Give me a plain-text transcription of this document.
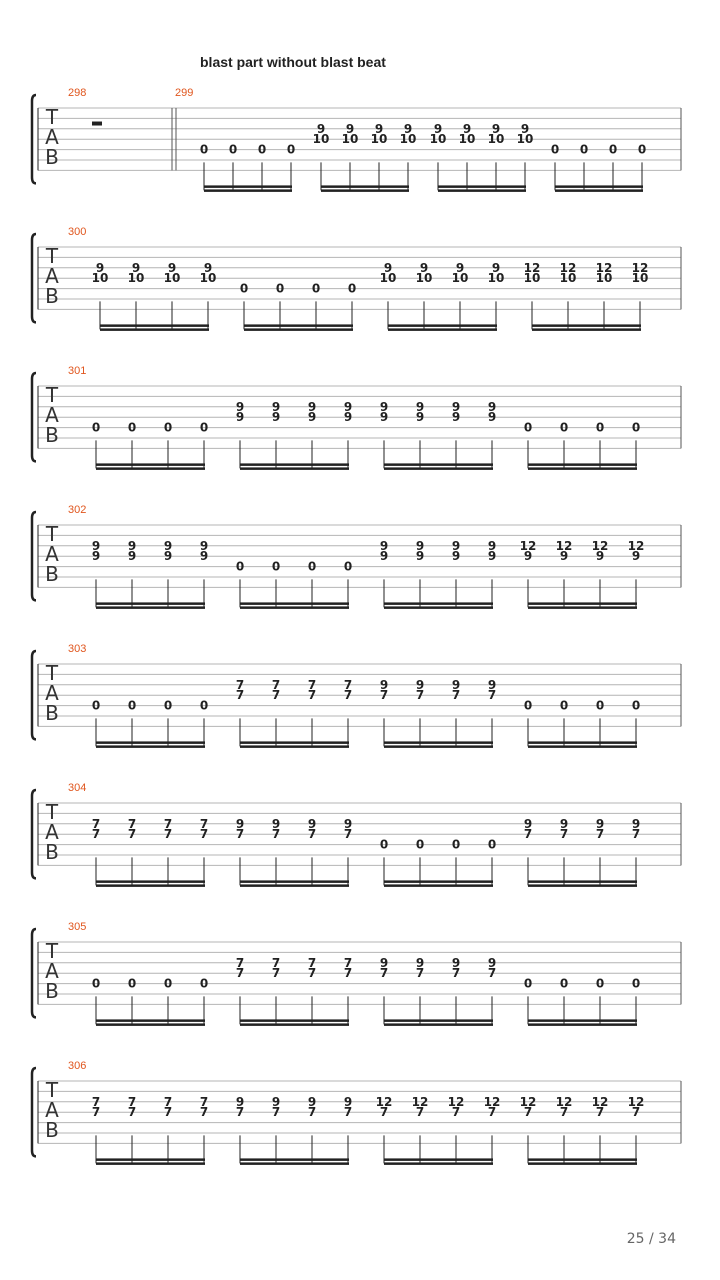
blast part without blast beat
T
A
B
298	299
0 0 0 0
10
9
10
9
10
9
10
9
10
9
10
9
10
9
10
9
0 0 0 0
T
A
B
300
10
9
10
9
10
9
10
9
0 0 0 0
10
9
10
9
10
9
10
9
10
12
10
12
10
12
10
12
T
A
B
301
0 0 0 0
9
9
9
9
9
9
9
9
9
9
9
9
9
9
9
9
0 0 0 0
T
A
B
302
9
9
9
9
9
9
9
9
0 0 0 0
9
9
9
9
9
9
9
9
9
12
9
12
9
12
9
12
T
A
B
303
0 0 0 0
7
7
7
7
7
7
7
7
7
9
7
9
7
9
7
9
0 0 0 0
T
A
B
304
7
7
7
7
7
7
7
7
7
9
7
9
7
9
7
9
0 0 0 0
7
9
7
9
7
9
7
9
T
A
B
305
0 0 0 0
7
7
7
7
7
7
7
7
7
9
7
9
7
9
7
9
0 0 0 0
T
A
B
306
7
7
7
7
7
7
7
7
7
9
7
9
7
9
7
9
7
12
7
12
7
12
7
12
7
12
7
12
7
12
7
12
25 / 34
